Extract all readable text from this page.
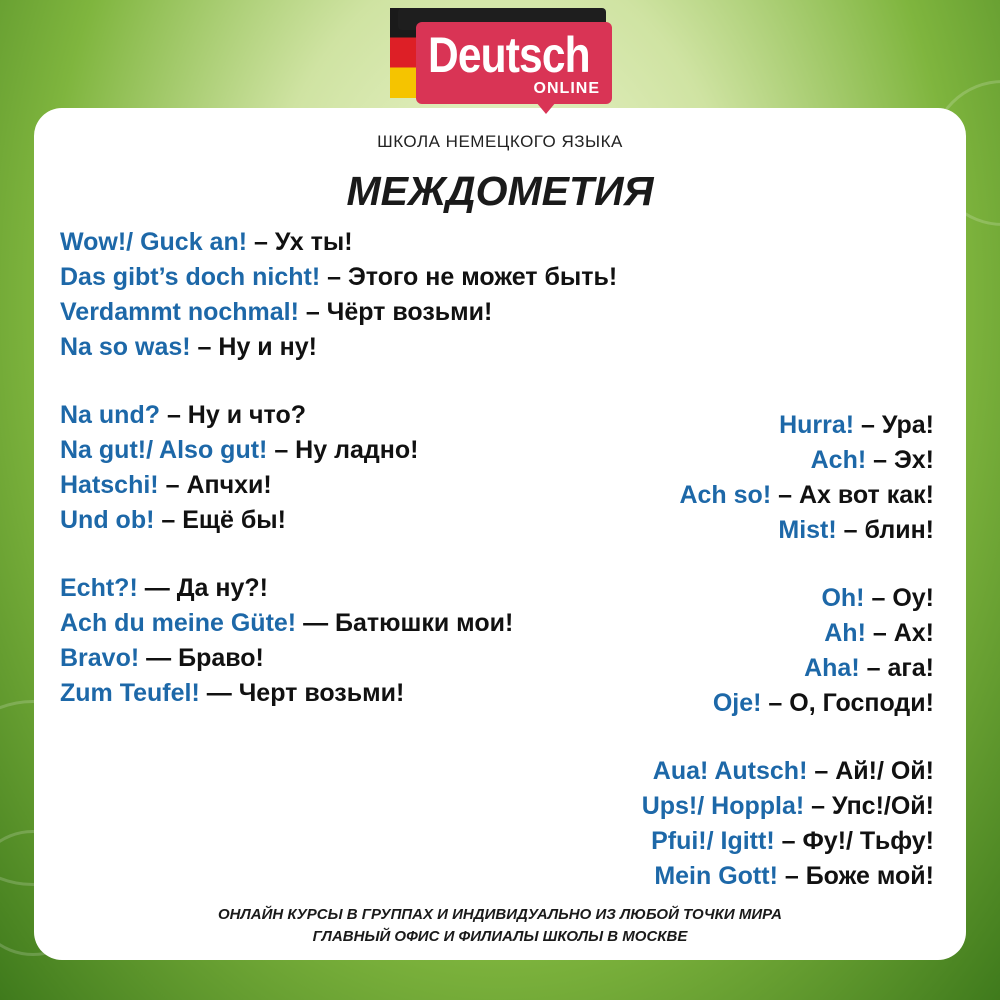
Deutsch
ONLINE
ШКОЛА НЕМЕЦКОГО ЯЗЫКА
МЕЖДОМЕТИЯ
Wow!/ Guck an! – Ух ты!
Das gibt’s doch nicht! – Этого не может быть!
Verdammt nochmal! – Чёрт возьми!
Na so was! – Ну и ну!
Na und? – Ну и что?
Na gut!/ Also gut! – Ну ладно!
Hatschi! – Апчхи!
Und ob! – Ещё бы!
Echt?! — Да ну?!
Ach du meine Güte! — Батюшки мои!
Bravo! — Браво!
Zum Teufel! — Черт возьми!
Hurra! – Ура!
Ach! – Эх!
Ach so! – Ах вот как!
Mist! – блин!
Oh! – Оу!
Ah! – Ах!
Aha! – ага!
Oje! – О, Господи!
Aua! Autsch! – Ай!/ Ой!
Ups!/ Hoppla! – Упс!/Ой!
Pfui!/ Igitt! – Фу!/ Тьфу!
Mein Gott! – Боже мой!
ОНЛАЙН КУРСЫ В ГРУППАХ И ИНДИВИДУАЛЬНО ИЗ ЛЮБОЙ ТОЧКИ МИРА
ГЛАВНЫЙ ОФИС И ФИЛИАЛЫ ШКОЛЫ В МОСКВЕ
